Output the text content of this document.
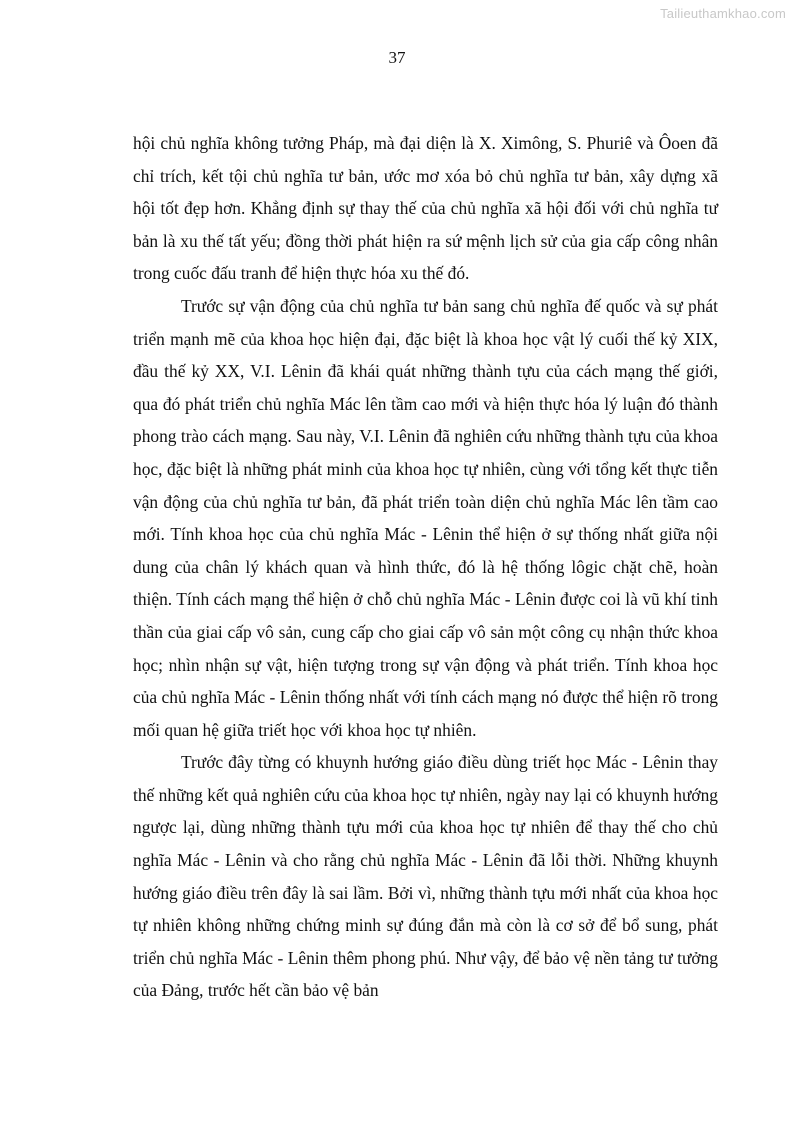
Tailieuthamkhao.com
37

hội chủ nghĩa không tưởng Pháp, mà đại diện là X. Ximông, S. Phuriê và Ôoen đã chỉ trích, kết tội chủ nghĩa tư bản, ước mơ xóa bỏ chủ nghĩa tư bản, xây dựng xã hội tốt đẹp hơn. Khẳng định sự thay thế của chủ nghĩa xã hội đối với chủ nghĩa tư bản là xu thế tất yếu; đồng thời phát hiện ra sứ mệnh lịch sử của gia cấp công nhân trong cuốc đấu tranh để hiện thực hóa xu thế đó.

Trước sự vận động của chủ nghĩa tư bản sang chủ nghĩa đế quốc và sự phát triển mạnh mẽ của khoa học hiện đại, đặc biệt là khoa học vật lý cuối thế kỷ XIX, đầu thế kỷ XX, V.I. Lênin đã khái quát những thành tựu của cách mạng thế giới, qua đó phát triển chủ nghĩa Mác lên tầm cao mới và hiện thực hóa lý luận đó thành phong trào cách mạng. Sau này, V.I. Lênin đã nghiên cứu những thành tựu của khoa học, đặc biệt là những phát minh của khoa học tự nhiên, cùng với tổng kết thực tiễn vận động của chủ nghĩa tư bản, đã phát triển toàn diện chủ nghĩa Mác lên tầm cao mới. Tính khoa học của chủ nghĩa Mác - Lênin thể hiện ở sự thống nhất giữa nội dung của chân lý khách quan và hình thức, đó là hệ thống lôgic chặt chẽ, hoàn thiện. Tính cách mạng thể hiện ở chỗ chủ nghĩa Mác - Lênin được coi là vũ khí tinh thần của giai cấp vô sản, cung cấp cho giai cấp vô sản một công cụ nhận thức khoa học; nhìn nhận sự vật, hiện tượng trong sự vận động và phát triển. Tính khoa học của chủ nghĩa Mác - Lênin thống nhất với tính cách mạng nó được thể hiện rõ trong mối quan hệ giữa triết học với khoa học tự nhiên.

Trước đây từng có khuynh hướng giáo điều dùng triết học Mác - Lênin thay thế những kết quả nghiên cứu của khoa học tự nhiên, ngày nay lại có khuynh hướng ngược lại, dùng những thành tựu mới của khoa học tự nhiên để thay thế cho chủ nghĩa Mác - Lênin và cho rằng chủ nghĩa Mác - Lênin đã lỗi thời. Những khuynh hướng giáo điều trên đây là sai lầm. Bởi vì, những thành tựu mới nhất của khoa học tự nhiên không những chứng minh sự đúng đắn mà còn là cơ sở để bổ sung, phát triển chủ nghĩa Mác - Lênin thêm phong phú. Như vậy, để bảo vệ nền tảng tư tưởng của Đảng, trước hết cần bảo vệ bản
